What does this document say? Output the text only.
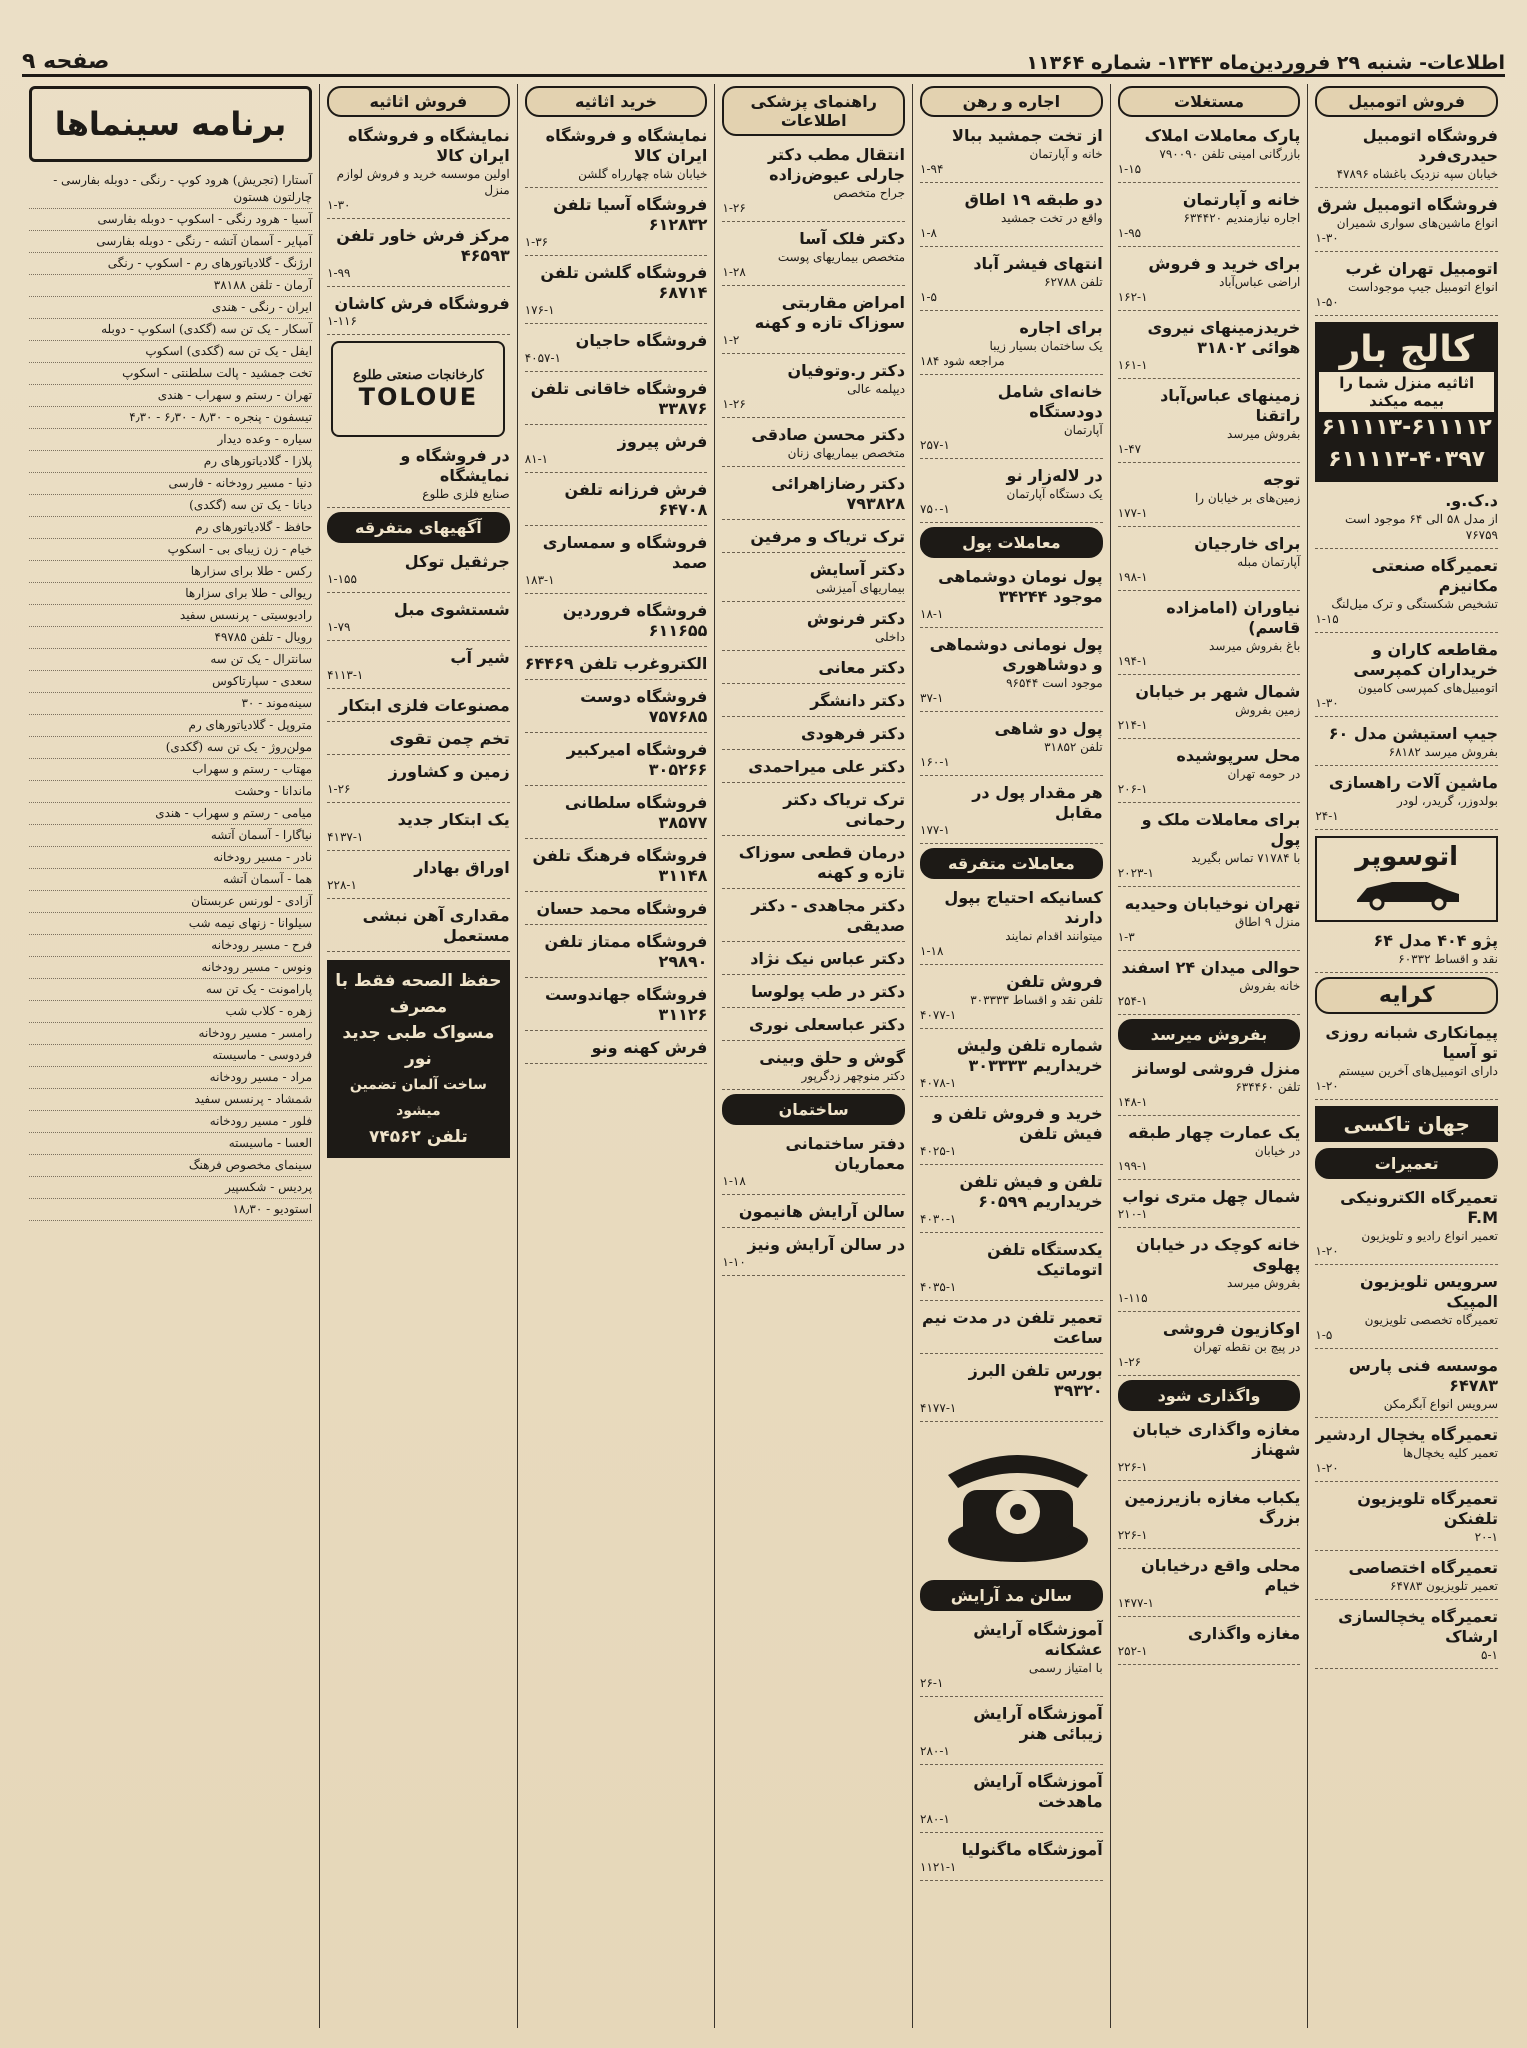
اطلاعات- شنبه ۲۹ فروردین‌ماه ۱۳۴۳- شماره ۱۱۳۶۴
صفحه ۹
فروش اتومبیل
فروشگاه اتومبیل حیدری‌فرد
خیابان سپه نزدیک باغشاه ۴۷۸۹۶
فروشگاه اتومبیل شرق
انواع ماشین‌های سواری شمیران
۱-۳۰
اتومبیل تهران غرب
انواع اتومبیل جیپ موجوداست
۱-۵۰
کالج بار
اثاثیه منزل شما را بیمه میکند
۶۱۱۱۱۳-۶۱۱۱۱۲
۶۱۱۱۱۳-۴۰۳۹۷
د.ک.و.
از مدل ۵۸ الی ۶۴ موجود است ۷۶۷۵۹
تعمیرگاه صنعتی مکانیزم
تشخیص شکستگی و ترک میل‌لنگ
۱-۱۵
مقاطعه کاران و خریداران کمپرسی
اتومبیل‌های کمپرسی کامیون
۱-۳۰
جیپ استیشن مدل ۶۰
بفروش میرسد ۶۸۱۸۲
ماشین آلات راهسازی
بولدوزر، گریدر، لودر
۲۴-۱
اتوسوپر
پژو ۴۰۴ مدل ۶۴
نقد و اقساط ۶۰۳۳۲
کرایه
پیمانکاری شبانه روزی تو آسیا
دارای اتومبیل‌های آخرین سیستم
۱-۲۰
جهان تاکسی
تعمیرات
تعمیرگاه الکترونیکی F.M
تعمیر انواع رادیو و تلویزیون
۱-۲۰
سرویس تلویزیون المپیک
تعمیرگاه تخصصی تلویزیون
۱-۵
موسسه فنی پارس ۶۴۷۸۳
سرویس انواع آبگرمکن
تعمیرگاه یخچال اردشیر
تعمیر کلیه یخچال‌ها
۱-۲۰
تعمیرگاه تلویزیون تلفنکن
۲۰-۱
تعمیرگاه اختصاصی
تعمیر تلویزیون ۶۴۷۸۳
تعمیرگاه یخچالسازی ارشاک
۵-۱
مستغلات
پارک معاملات املاک
بازرگانی امینی تلفن ۷۹۰۰۹۰
۱-۱۵
خانه و آپارتمان
اجاره نیازمندیم ۶۳۴۴۲۰
۱-۹۵
برای خرید و فروش
اراضی عباس‌آباد
۱۶۲-۱
خریدزمینهای نیروی هوائی ۳۱۸۰۲
۱۶۱-۱
زمینهای عباس‌آباد راتقنا
بفروش میرسد
۱-۴۷
توجه
زمین‌های بر خیابان را
۱۷۷-۱
برای خارجیان
آپارتمان مبله
۱۹۸-۱
نیاوران (امامزاده قاسم)
باغ بفروش میرسد
۱۹۴-۱
شمال شهر بر خیابان
زمین بفروش
۲۱۴-۱
محل سرپوشیده
در حومه تهران
۲۰۶-۱
برای معاملات ملک و پول
با ۷۱۷۸۴ تماس بگیرید
۲۰۲۳-۱
تهران نوخیابان وحیدیه
منزل ۹ اطاق
۱-۳
حوالی میدان ۲۴ اسفند
خانه بفروش
۲۵۴-۱
بفروش میرسد
منزل فروشی لوسانز
تلفن ۶۳۴۴۶۰
۱۴۸-۱
یک عمارت چهار طبقه
در خیابان
۱۹۹-۱
شمال چهل متری نواب
۲۱۰-۱
خانه کوچک در خیابان پهلوی
بفروش میرسد
۱-۱۱۵
اوکازیون فروشی
در پیچ بن نقطه تهران
۱-۲۶
واگذاری شود
مغازه واگذاری خیابان شهناز
۲۲۶-۱
یکباب مغازه بازیرزمین بزرگ
۲۲۶-۱
محلی واقع درخیابان خیام
۱۴۷۷-۱
مغازه واگذاری
۲۵۲-۱
اجاره و رهن
از تخت جمشید ببالا
خانه و آپارتمان
۱-۹۴
دو طبقه ۱۹ اطاق
واقع در تخت جمشید
۱-۸
انتهای فیشر آباد
تلفن ۶۲۷۸۸
۱-۵
برای اجاره
یک ساختمان بسیار زیبا
۱۸۴ مراجعه شود
خانه‌ای شامل دودستگاه
آپارتمان
۲۵۷-۱
در لاله‌زار نو
یک دستگاه آپارتمان
۷۵۰-۱
معاملات پول
پول نومان دوشماهی موجود ۳۴۲۴۴
۱۸-۱
پول نومانی دوشماهی و دوشاهوری
موجود است ۹۶۵۴۴
۳۷-۱
پول دو شاهی
تلفن ۳۱۸۵۲
۱۶۰-۱
هر مقدار پول در مقابل
۱۷۷-۱
معاملات متفرقه
کسانیکه احتیاج بپول دارند
میتوانند اقدام نمایند
۱-۱۸
فروش تلفن
تلفن نقد و اقساط ۳۰۳۳۳۳
۴۰۷۷-۱
شماره تلفن ولیش خریداریم ۳۰۳۳۳۳
۴۰۷۸-۱
خرید و فروش تلفن و فیش تلفن
۴۰۲۵-۱
تلفن و فیش تلفن خریداریم ۶۰۵۹۹
۴۰۳۰-۱
یکدستگاه تلفن اتوماتیک
۴۰۳۵-۱
تعمیر تلفن در مدت نیم ساعت
بورس تلفن البرز ۳۹۳۲۰
۴۱۷۷-۱
سالن مد آرایش
آموزشگاه آرایش عشکانه
با امتیاز رسمی
۲۶-۱
آموزشگاه آرایش زیبائی هنر
۲۸۰-۱
آموزشگاه آرایش ماهدخت
۲۸۰-۱
آموزشگاه ماگنولیا
۱۱۲۱-۱
راهنمای پزشکی اطلاعات
انتقال مطب دکتر جارلی عیوض‌زاده
جراح متخصص
۱-۲۶
دکتر فلک آسا
متخصص بیماریهای پوست
۱-۲۸
امراض مقاربتی سوزاک تازه و کهنه
۱-۲
دکتر ر.وتوفیان
دیپلمه عالی
۱-۲۶
دکتر محسن صادقی
متخصص بیماریهای زنان
دکتر رضازاهرائی ۷۹۳۸۲۸
ترک تریاک و مرفین
دکتر آسایش
بیماریهای آمیزشی
دکتر فرنوش
داخلی
دکتر معانی
دکتر دانشگر
دکتر فرهودی
دکتر علی میراحمدی
ترک تریاک دکتر رحمانی
درمان قطعی سوزاک تازه و کهنه
دکتر مجاهدی - دکتر صدیقی
دکتر عباس نیک نژاد
دکتر در طب پولوسا
دکتر عباسعلی نوری
گوش و حلق وبینی
دکتر منوچهر زدگرپور
ساختمان
دفتر ساختمانی معماریان
۱-۱۸
سالن آرایش هانیمون
در سالن آرایش ونیز
۱-۱۰
خرید اثاثیه
نمایشگاه و فروشگاه ایران کالا
خیابان شاه چهارراه گلشن
فروشگاه آسیا تلفن ۶۱۲۸۳۲
۱-۳۶
فروشگاه گلشن تلفن ۶۸۷۱۴
۱۷۶-۱
فروشگاه حاجیان
۴۰۵۷-۱
فروشگاه خاقانی تلفن ۳۳۸۷۶
فرش پیروز
۸۱-۱
فرش فرزانه تلفن ۶۴۷۰۸
فروشگاه و سمساری صمد
۱۸۳-۱
فروشگاه فروردین ۶۱۱۶۵۵
الکتروغرب تلفن ۶۴۴۶۹
فروشگاه دوست ۷۵۷۶۸۵
فروشگاه امیرکبیر ۳۰۵۲۶۶
فروشگاه سلطانی ۳۸۵۷۷
فروشگاه فرهنگ تلفن ۳۱۱۴۸
فروشگاه محمد حسان
فروشگاه ممتاز تلفن ۲۹۸۹۰
فروشگاه جهاندوست ۳۱۱۲۶
فرش کهنه ونو
فروش اثاثیه
نمایشگاه و فروشگاه ایران کالا
اولین موسسه خرید و فروش لوازم منزل
۱-۳۰
مرکز فرش خاور تلفن ۴۶۵۹۳
۱-۹۹
فروشگاه فرش کاشان
۱-۱۱۶
کارخانجات صنعتی طلوع
TOLOUE
در فروشگاه و نمایشگاه
صنایع فلزی طلوع
آگهیهای متفرقه
جرثقیل توکل
۱-۱۵۵
شستشوی مبل
۱-۷۹
شیر آب
۴۱۱۳-۱
مصنوعات فلزی ابتکار
تخم چمن تقوی
زمین و کشاورز
۱-۲۶
یک ابتکار جدید
۴۱۳۷-۱
اوراق بهادار
۲۲۸-۱
مقداری آهن نبشی مستعمل
حفظ الصحه فقط با مصرف
مسواک طبی جدید نور
ساخت آلمان تضمین میشود
تلفن ۷۴۵۶۲
برنامه سینماها
آستارا (تجریش) هرود کوپ - رنگی - دوبله بفارسی - چارلتون هستون
آسیا - هرود رنگی - اسکوپ - دوبله بفارسی
آمپایر - آسمان آتشه - رنگی - دوبله بفارسی
ارژنگ - گلادیاتورهای رم - اسکوپ - رنگی
آرمان - تلفن ۳۸۱۸۸
ایران - رنگی - هندی
آسکار - یک تن سه (گکدی) اسکوپ - دوبله
ایفل - یک تن سه (گکدی) اسکوپ
تخت جمشید - پالت سلطنتی - اسکوپ
تهران - رستم و سهراب - هندی
تیسفون - پنجره - ۸٫۳۰ - ۶٫۳۰ - ۴٫۳۰
سیاره - وعده دیدار
پلازا - گلادیاتورهای رم
دنیا - مسیر رودخانه - فارسی
دیانا - یک تن سه (گکدی)
حافظ - گلادیاتورهای رم
خیام - زن زیبای بی - اسکوپ
رکس - طلا برای سزارها
ریوالی - طلا برای سزارها
رادیوسیتی - پرنسس سفید
رویال - تلفن ۴۹۷۸۵
سانترال - یک تن سه
سعدی - سپارتاکوس
سینه‌موند - ۳۰
متروپل - گلادیاتورهای رم
مولن‌روژ - یک تن سه (گکدی)
مهتاب - رستم و سهراب
ماندانا - وحشت
میامی - رستم و سهراب - هندی
نیاگارا - آسمان آتشه
نادر - مسیر رودخانه
هما - آسمان آتشه
آزادی - لورنس عربستان
سیلوانا - زنهای نیمه شب
فرح - مسیر رودخانه
ونوس - مسیر رودخانه
پارامونت - یک تن سه
زهره - کلاب شب
رامسر - مسیر رودخانه
فردوسی - ماسیسته
مراد - مسیر رودخانه
شمشاد - پرنسس سفید
فلور - مسیر رودخانه
العسا - ماسیسته
سینمای مخصوص فرهنگ
پردیس - شکسپیر
استودیو - ۱۸٫۳۰
